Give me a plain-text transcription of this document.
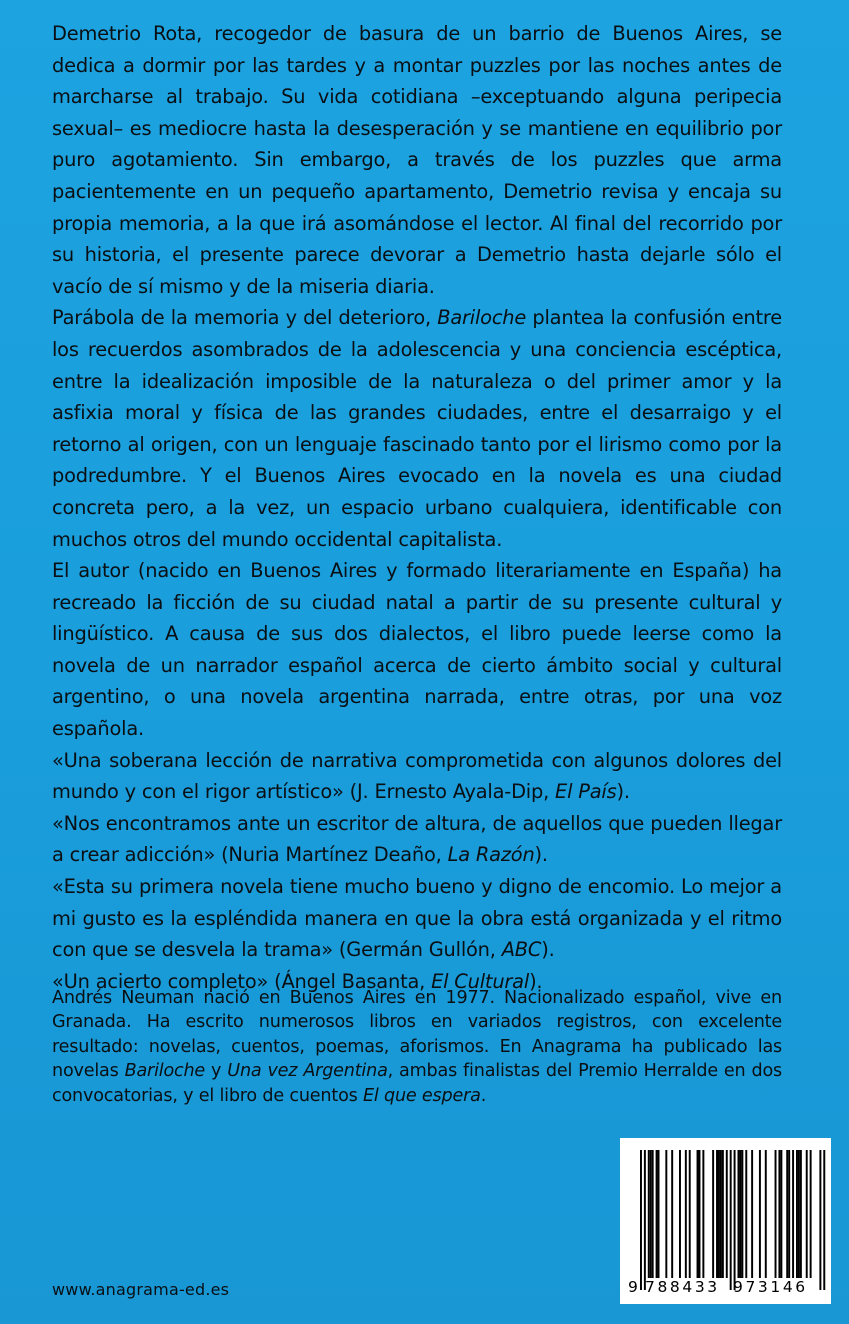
Demetrio Rota, recogedor de basura de un barrio de Buenos Aires, se dedica a dormir por las tardes y a montar puzzles por las noches antes de marcharse al trabajo. Su vida cotidiana –exceptuando alguna peripecia sexual– es mediocre hasta la desesperación y se mantiene en equilibrio por puro agotamiento. Sin embargo, a través de los puzzles que arma pacientemente en un pequeño apartamento, Demetrio revisa y encaja su propia memoria, a la que irá asomándose el lector. Al final del recorrido por su historia, el presente parece devorar a Demetrio hasta dejarle sólo el vacío de sí mismo y de la miseria diaria.

Parábola de la memoria y del deterioro, Bariloche plantea la confusión entre los recuerdos asombrados de la adolescencia y una conciencia escéptica, entre la idealización imposible de la naturaleza o del primer amor y la asfixia moral y física de las grandes ciudades, entre el desarraigo y el retorno al origen, con un lenguaje fascinado tanto por el lirismo como por la podredumbre. Y el Buenos Aires evocado en la novela es una ciudad concreta pero, a la vez, un espacio urbano cualquiera, identificable con muchos otros del mundo occidental capitalista.

El autor (nacido en Buenos Aires y formado literariamente en España) ha recreado la ficción de su ciudad natal a partir de su presente cultural y lingüístico. A causa de sus dos dialectos, el libro puede leerse como la novela de un narrador español acerca de cierto ámbito social y cultural argentino, o una novela argentina narrada, entre otras, por una voz española.

«Una soberana lección de narrativa comprometida con algunos dolores del mundo y con el rigor artístico» (J. Ernesto Ayala-Dip, El País).

«Nos encontramos ante un escritor de altura, de aquellos que pueden llegar a crear adicción» (Nuria Martínez Deaño, La Razón).

«Esta su primera novela tiene mucho bueno y digno de encomio. Lo mejor a mi gusto es la espléndida manera en que la obra está organizada y el ritmo con que se desvela la trama» (Germán Gullón, ABC).

«Un acierto completo» (Ángel Basanta, El Cultural).

Andrés Neuman nació en Buenos Aires en 1977. Nacionalizado español, vive en Granada. Ha escrito numerosos libros en variados registros, con excelente resultado: novelas, cuentos, poemas, aforismos. En Anagrama ha publicado las novelas Bariloche y Una vez Argentina, ambas finalistas del Premio Herralde en dos convocatorias, y el libro de cuentos El que espera.

www.anagrama-ed.es	9 788433 973146
